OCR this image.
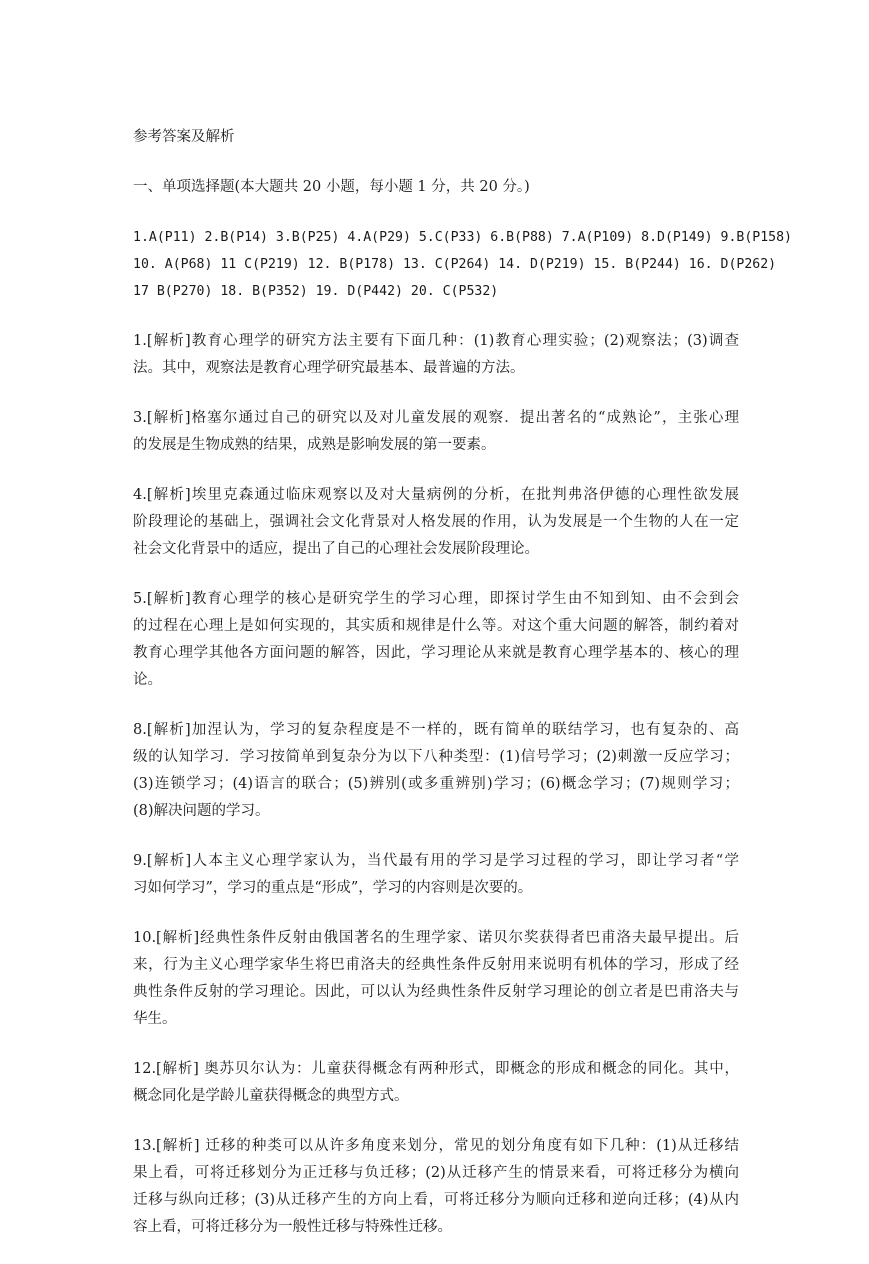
参考答案及解析

一、单项选择题(本大题共 20 小题，每小题 1 分，共 20 分。)

1.A(P11) 2.B(P14) 3.B(P25) 4.A(P29) 5.C(P33) 6.B(P88) 7.A(P109) 8.D(P149) 9.B(P158)
10. A(P68) 11 C(P219) 12. B(P178) 13. C(P264) 14. D(P219) 15. B(P244) 16. D(P262)
17 B(P270) 18. B(P352) 19. D(P442) 20. C(P532)
1.[解析]教育心理学的研究方法主要有下面几种：(1)教育心理实验；(2)观察法；(3)调查
法。其中，观察法是教育心理学研究最基本、最普遍的方法。
3.[解析]格塞尔通过自己的研究以及对儿童发展的观察．提出著名的“成熟论”，主张心理
的发展是生物成熟的结果，成熟是影响发展的第一要素。
4.[解析]埃里克森通过临床观察以及对大量病例的分析，在批判弗洛伊德的心理性欲发展
阶段理论的基础上，强调社会文化背景对人格发展的作用，认为发展是一个生物的人在一定
社会文化背景中的适应，提出了自己的心理社会发展阶段理论。
5.[解析]教育心理学的核心是研究学生的学习心理，即探讨学生由不知到知、由不会到会
的过程在心理上是如何实现的，其实质和规律是什么等。对这个重大问题的解答，制约着对
教育心理学其他各方面问题的解答，因此，学习理论从来就是教育心理学基本的、核心的理
论。
8.[解析]加涅认为，学习的复杂程度是不一样的，既有简单的联结学习，也有复杂的、高
级的认知学习．学习按简单到复杂分为以下八种类型：(1)信号学习；(2)刺激一反应学习；
(3)连锁学习；(4)语言的联合；(5)辨别(或多重辨别)学习；(6)概念学习；(7)规则学习；
(8)解决问题的学习。
9.[解析]人本主义心理学家认为，当代最有用的学习是学习过程的学习，即让学习者“学
习如何学习”，学习的重点是“形成”，学习的内容则是次要的。
10.[解析]经典性条件反射由俄国著名的生理学家、诺贝尔奖获得者巴甫洛夫最早提出。后
来，行为主义心理学家华生将巴甫洛夫的经典性条件反射用来说明有机体的学习，形成了经
典性条件反射的学习理论。因此，可以认为经典性条件反射学习理论的创立者是巴甫洛夫与
华生。
12.[解析] 奥苏贝尔认为：儿童获得概念有两种形式，即概念的形成和概念的同化。其中，
概念同化是学龄儿童获得概念的典型方式。
13.[解析] 迁移的种类可以从许多角度来划分，常见的划分角度有如下几种：(1)从迁移结
果上看，可将迁移划分为正迁移与负迁移；(2)从迁移产生的情景来看，可将迁移分为横向
迁移与纵向迁移；(3)从迁移产生的方向上看，可将迁移分为顺向迁移和逆向迁移；(4)从内
容上看，可将迁移分为一般性迁移与特殊性迁移。
